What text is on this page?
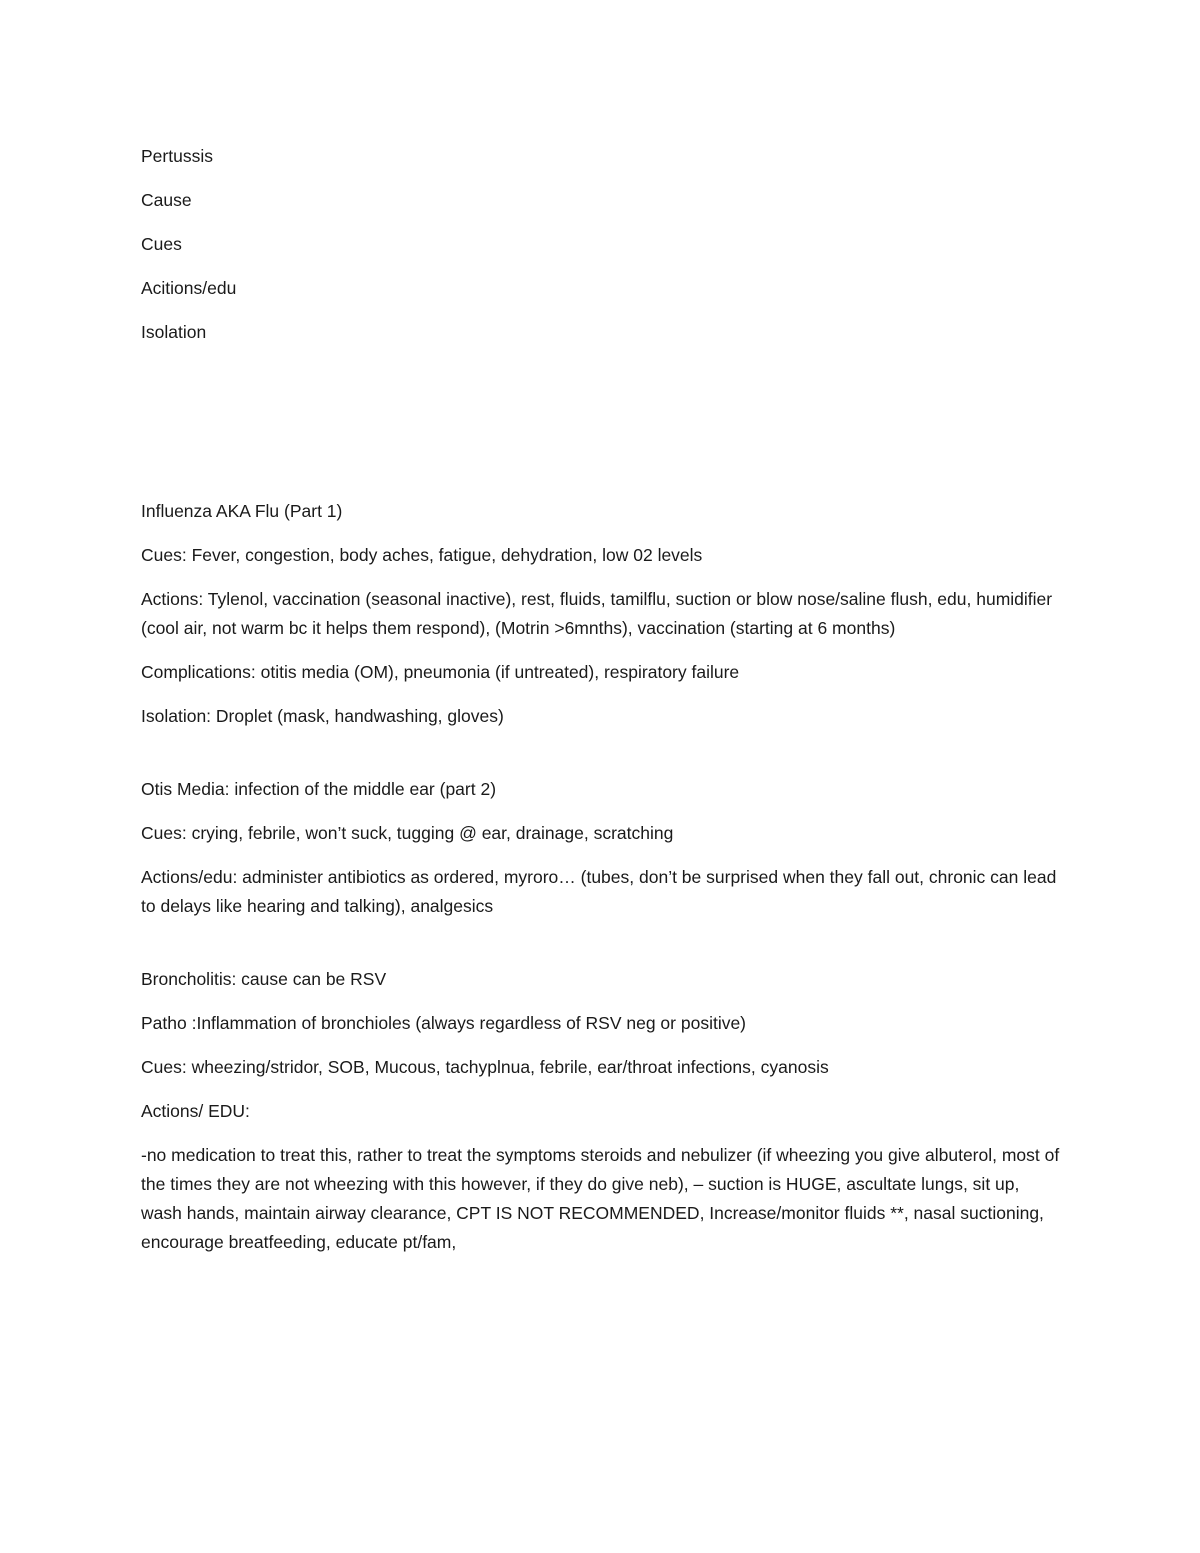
Pertussis

Cause

Cues

Acitions/edu

Isolation

Influenza AKA Flu (Part 1)

Cues: Fever, congestion, body aches, fatigue, dehydration, low 02 levels

Actions: Tylenol, vaccination (seasonal inactive), rest, fluids, tamilflu, suction or blow nose/saline flush, edu, humidifier (cool air, not warm bc it helps them respond), (Motrin >6mnths), vaccination (starting at 6 months)

Complications: otitis media (OM), pneumonia (if untreated), respiratory failure

Isolation: Droplet (mask, handwashing, gloves)

Otis Media: infection of the middle ear (part 2)

Cues: crying, febrile, won’t suck, tugging @ ear, drainage, scratching

Actions/edu: administer antibiotics as ordered, myroro… (tubes, don’t be surprised when they fall out, chronic can lead to delays like hearing and talking), analgesics

Broncholitis: cause can be RSV

Patho :Inflammation of bronchioles (always regardless of RSV neg or positive)

Cues: wheezing/stridor, SOB, Mucous, tachyplnua, febrile, ear/throat infections, cyanosis

Actions/ EDU:

-no medication to treat this, rather to treat the symptoms steroids and nebulizer (if wheezing you give albuterol, most of the times they are not wheezing with this however, if they do give neb), – suction is HUGE, ascultate lungs, sit up, wash hands, maintain airway clearance, CPT IS NOT RECOMMENDED, Increase/monitor fluids **, nasal suctioning, encourage breatfeeding, educate pt/fam,
